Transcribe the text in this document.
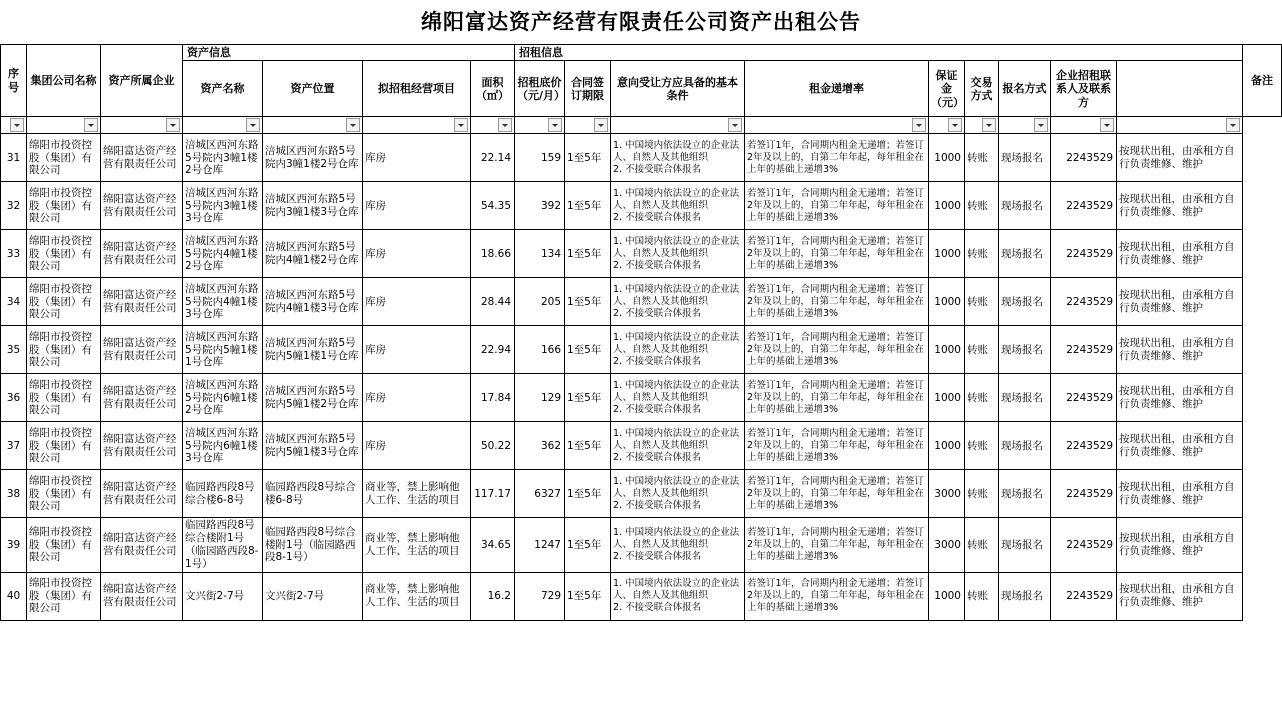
绵阳富达资产经营有限责任公司资产出租公告
序号	集团公司名称	资产所属企业	资产信息				招租信息									备注
			资产名称	资产位置	拟招租经营项目	面积（㎡）	招租底价（元/月）	合同签订期限	意向受让方应具备的基本条件	租金递增率	保证金（元）	交易方式	报名方式	企业招租联系人及联系方		

31	绵阳市投资控股（集团）有限公司	绵阳富达资产经营有限责任公司	涪城区西河东路5号院内3幢1楼2号仓库	涪城区西河东路5号院内3幢1楼2号仓库	库房	22.14	159	1至5年	1. 中国境内依法设立的企业法人、自然人及其他组织
2. 不接受联合体报名	若签订1年，合同期内租金无递增；若签订2年及以上的，自第二年年起，每年租金在上年的基础上递增3%	1000	转账	现场报名	2243529	按现状出租，由承租方自行负责维修、维护	
32	绵阳市投资控股（集团）有限公司	绵阳富达资产经营有限责任公司	涪城区西河东路5号院内3幢1楼3号仓库	涪城区西河东路5号院内3幢1楼3号仓库	库房	54.35	392	1至5年	1. 中国境内依法设立的企业法人、自然人及其他组织
2. 不接受联合体报名	若签订1年，合同期内租金无递增；若签订2年及以上的，自第二年年起，每年租金在上年的基础上递增3%	1000	转账	现场报名	2243529	按现状出租，由承租方自行负责维修、维护	
33	绵阳市投资控股（集团）有限公司	绵阳富达资产经营有限责任公司	涪城区西河东路5号院内4幢1楼2号仓库	涪城区西河东路5号院内4幢1楼2号仓库	库房	18.66	134	1至5年	1. 中国境内依法设立的企业法人、自然人及其他组织
2. 不接受联合体报名	若签订1年，合同期内租金无递增；若签订2年及以上的，自第二年年起，每年租金在上年的基础上递增3%	1000	转账	现场报名	2243529	按现状出租，由承租方自行负责维修、维护	
34	绵阳市投资控股（集团）有限公司	绵阳富达资产经营有限责任公司	涪城区西河东路5号院内4幢1楼3号仓库	涪城区西河东路5号院内4幢1楼3号仓库	库房	28.44	205	1至5年	1. 中国境内依法设立的企业法人、自然人及其他组织
2. 不接受联合体报名	若签订1年，合同期内租金无递增；若签订2年及以上的，自第二年年起，每年租金在上年的基础上递增3%	1000	转账	现场报名	2243529	按现状出租，由承租方自行负责维修、维护	
35	绵阳市投资控股（集团）有限公司	绵阳富达资产经营有限责任公司	涪城区西河东路5号院内5幢1楼1号仓库	涪城区西河东路5号院内5幢1楼1号仓库	库房	22.94	166	1至5年	1. 中国境内依法设立的企业法人、自然人及其他组织
2. 不接受联合体报名	若签订1年，合同期内租金无递增；若签订2年及以上的，自第二年年起，每年租金在上年的基础上递增3%	1000	转账	现场报名	2243529	按现状出租，由承租方自行负责维修、维护	
36	绵阳市投资控股（集团）有限公司	绵阳富达资产经营有限责任公司	涪城区西河东路5号院内6幢1楼2号仓库	涪城区西河东路5号院内5幢1楼2号仓库	库房	17.84	129	1至5年	1. 中国境内依法设立的企业法人、自然人及其他组织
2. 不接受联合体报名	若签订1年，合同期内租金无递增；若签订2年及以上的，自第二年年起，每年租金在上年的基础上递增3%	1000	转账	现场报名	2243529	按现状出租，由承租方自行负责维修、维护	
37	绵阳市投资控股（集团）有限公司	绵阳富达资产经营有限责任公司	涪城区西河东路5号院内6幢1楼3号仓库	涪城区西河东路5号院内5幢1楼3号仓库	库房	50.22	362	1至5年	1. 中国境内依法设立的企业法人、自然人及其他组织
2. 不接受联合体报名	若签订1年，合同期内租金无递增；若签订2年及以上的，自第二年年起，每年租金在上年的基础上递增3%	1000	转账	现场报名	2243529	按现状出租，由承租方自行负责维修、维护	
38	绵阳市投资控股（集团）有限公司	绵阳富达资产经营有限责任公司	临园路西段8号综合楼6-8号	临园路西段8号综合楼6-8号	商业等，禁上影响他人工作、生活的项目	117.17	6327	1至5年	1. 中国境内依法设立的企业法人、自然人及其他组织
2. 不接受联合体报名	若签订1年，合同期内租金无递增；若签订2年及以上的，自第二年年起，每年租金在上年的基础上递增3%	3000	转账	现场报名	2243529	按现状出租，由承租方自行负责维修、维护	
39	绵阳市投资控股（集团）有限公司	绵阳富达资产经营有限责任公司	临园路西段8号综合楼附1号（临园路西段8-1号）	临园路西段8号综合楼附1号（临园路西段8-1号）	商业等，禁上影响他人工作、生活的项目	34.65	1247	1至5年	1. 中国境内依法设立的企业法人、自然人及其他组织
2. 不接受联合体报名	若签订1年，合同期内租金无递增；若签订2年及以上的，自第二年年起，每年租金在上年的基础上递增3%	3000	转账	现场报名	2243529	按现状出租，由承租方自行负责维修、维护	
40	绵阳市投资控股（集团）有限公司	绵阳富达资产经营有限责任公司	文兴街2-7号	文兴街2-7号	商业等，禁上影响他人工作、生活的项目	16.2	729	1至5年	1. 中国境内依法设立的企业法人、自然人及其他组织
2. 不接受联合体报名	若签订1年，合同期内租金无递增；若签订2年及以上的，自第二年年起，每年租金在上年的基础上递增3%	1000	转账	现场报名	2243529	按现状出租，由承租方自行负责维修、维护	
